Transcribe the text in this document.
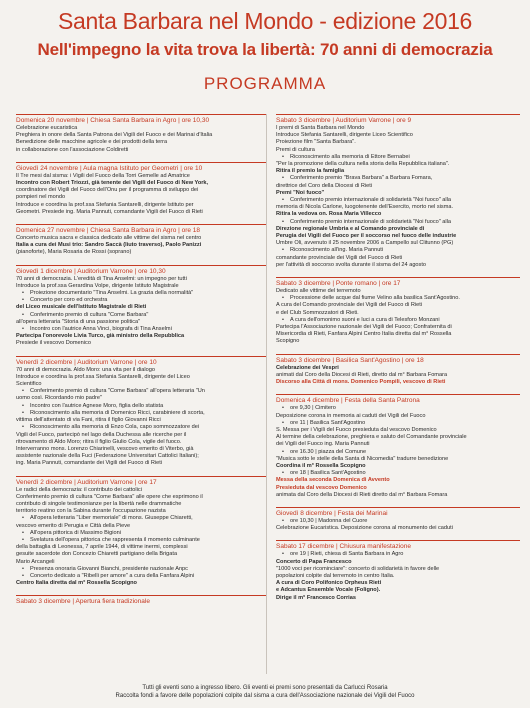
Santa Barbara nel Mondo - edizione 2016
Nell'impegno la vita trova la libertà: 70 anni di democrazia
PROGRAMMA
Domenica 20 novembre | Chiesa Santa Barbara in Agro | ore 10,30
Celebrazione eucaristica
Preghiera in onore della Santa Patrona dei Vigili del Fuoco e dei Marinai d'Italia
Benedizione delle macchine agricole e dei prodotti della terra
in collaborazione con l'associazione Coldiretti
Giovedì 24 novembre | Aula magna Istituto per Geometri | ore 10
Il Tre mesi dal sisma: i Vigili del Fuoco della Torri Gemelle ad Amatrice
Incontro con Robert Triozzi, già tenente dei Vigili del Fuoco di New York,
coordinatore dei Vigili del Fuoco dell'Onu per il programma di sviluppo dei
pompieri nel mondo
Introduce e coordina la prof.ssa Stefania Santarelli, dirigente Istituto per
Geometri. Presiede ing. Maria Pannuti, comandante Vigili del Fuoco di Rieti
Domenica 27 novembre | Chiesa Santa Barbara in Agro | ore 18
Concerto musica sacra e classica dedicato alle vittime del sisma nel centro
Italia a cura dei Musi trio: Sandro Saccà (liuto traverso), Paolo Panizzi
(pianoforte), Maria Rosaria de Rossi (soprano)
Giovedì 1 dicembre | Auditorium Varrone | ore 10,30
70 anni di democrazia. L'eredità di Tina Anselmi: un impegno per tutti
Introduce la prof.ssa Gerardina Volpe, dirigente Istituto Magistrale
• Proiezione documentario "Tina Anselmi. La grazia della normalità"
• Concerto per coro ed orchestra
del Liceo musicale dell'Istituto Magistrale di Rieti
• Conferimento premio di cultura "Come Barbara"
all'opera letteraria "Storia di una passione politica"
• Incontro con l'autrice Anna Vinci, biografa di Tina Anselmi
Partecipa l'onorevole Livia Turco, già ministro della Repubblica
Presiede il vescovo Domenico
Venerdì 2 dicembre | Auditorium Varrone | ore 10
70 anni di democrazia. Aldo Moro: una vita per il dialogo
Introduce e coordina la prof.ssa Stefania Santarelli, dirigente del Liceo
Scientifico
• Conferimento premio di cultura "Come Barbara" all'opera letteraria "Un
uomo così. Ricordando mio padre"
• Incontro con l'autrice Agnese Moro, figlia dello statista
• Riconoscimento alla memoria di Domenico Ricci, carabiniere di scorta,
vittima dell'attentato di via Fani, ritira il figlio Giovanni Ricci
• Riconoscimento alla memoria di Enzo Cola, capo sommozzatore dei
Vigili del Fuoco, partecipò nel lago della Duchessa alle ricerche per il
ritrovamento di Aldo Moro; ritira il figlio Giulio Cola, vigile del fuoco.
Interverranno mons. Lorenzo Chiarinelli, vescovo emerito di Viterbo, già
assistente nazionale della Fuci (Federazione Universitari Cattolici Italiani);
ing. Maria Pannuti, comandante dei Vigili del Fuoco di Rieti
Venerdì 2 dicembre | Auditorium Varrone | ore 17
Le radici della democrazia: il contributo dei cattolici
Conferimento premio di cultura "Come Barbara" alle opere che esprimono il
contributo di singole testimonianze per la libertà nelle drammatiche
territorio reatino con la Sabina durante l'occupazione nazista
• All'opera letteraria "Liber memoriale" di mons. Giuseppe Chiaretti,
vescovo emerito di Perugia e Città della Pieve
• All'opera pittorica di Massimo Bigioni
• Svelatura dell'opera pittorica che rappresenta il momento culminante
della battaglia di Leonessa, 7 aprile 1944, di vittime inermi, complessi
gesuite sacerdote don Concezio Chiaretti partigiano della Brigata
Mario Arcangeli
• Presenza onoraria Giovanni Bianchi, presidente nazionale Anpc
• Concerto dedicato a "Ribelli per amore" a cura della Fanfara Alpini
Centro Italia diretta dal m° Rossella Scopigno
Sabato 3 dicembre | Apertura fiera tradizionale
Sabato 3 dicembre | Auditorium Varrone | ore 9
I premi di Santa Barbara nel Mondo
Introduce Stefania Santarelli, dirigente Liceo Scientifico
Proiezione film "Santa Barbara".
Premi di cultura
• Riconoscimento alla memoria di Ettore Bernabei
"Per la promozione della cultura nella storia della Repubblica italiana".
Ritira il premio la famiglia
• Conferimento premio "Brava Barbara" a Barbara Fomara,
direttrice del Coro della Diocesi di Rieti
Premi "Noi fuoco"
• Conferimento premio internazionale di solidarietà "Noi fuoco" alla
memoria di Nicola Carlone, luogotenente dell'Esercito, morto nel sisma.
Ritira la vedova on. Rosa Maria Villecco
• Conferimento premio internazionale di solidarietà "Noi fuoco" alla
Direzione regionale Umbria e al Comando provinciale di
Perugia dei Vigili del Fuoco per il soccorso nel fuoco delle industrie
Umbre Oli, avvenuto il 25 novembre 2006 a Campello sul Clitunno (PG)
• Riconoscimento all'ing. Maria Pannuti
comandante provinciale dei Vigili del Fuoco di Rieti
per l'attività di soccorso svolta durante il sisma del 24 agosto
Sabato 3 dicembre | Ponte romano | ore 17
Dedicato alle vittime del terremoto
• Processione delle acque dal fiume Velino alla basilica Sant'Agostino.
A cura del Comando provinciale dei Vigili del Fuoco di Rieti
e del Club Sommozzatori di Rieti.
• A cura dell'omonimo suoni e luci a cura di Telesforo Monzani
Partecipa l'Associazione nazionale dei Vigili del Fuoco; Confraternita di
Misericordia di Rieti, Fanfara Alpini Centro Italia diretta dal m° Rossella
Scopigno
Sabato 3 dicembre | Basilica Sant'Agostino | ore 18
Celebrazione dei Vespri
animati dal Coro della Diocesi di Rieti, diretto dal m° Barbara Fomara
Discorso alla Città di mons. Domenico Pompili, vescovo di Rieti
Domenica 4 dicembre | Festa della Santa Patrona
• ore 9,30 | Cimitero
Deposizione corona in memoria ai caduti dei Vigili del Fuoco
• ore 11 | Basilica Sant'Agostino
S. Messa per i Vigili del Fuoco presieduta dal vescovo Domenico
Al termine della celebrazione, preghiera e saluto del Comandante provinciale
dei Vigili del Fuoco ing. Maria Pannuti
• ore 16.30 | piazza del Comune
"Musica sotto le stelle della Santa di Nicomedia" tradurre benedizione
Coordina il m° Rossella Scopigno
• ore 18 | Basilica Sant'Agostino
Messa della seconda Domenica di Avvento
Presieduta dal vescovo Domenico
animata dal Coro della Diocesi di Rieti diretto dal m° Barbara Fomara
Giovedì 8 dicembre | Festa dei Marinai
• ore 10,30 | Madonna del Cuore
Celebrazione Eucaristica. Deposizione corona al monumento dei caduti
Sabato 17 dicembre | Chiusura manifestazione
• ore 19 | Rieti, chiesa di Santa Barbara in Agro
Concerto di Papa Francesco
"1000 voci per ricominciare": concerto di solidarietà in favore delle
popolazioni colpite dal terremoto in centro Italia.
A cura di Coro Polifonico Orpheus Rieti
e Adcantus Ensemble Vocale (Foligno).
Dirige il m° Francesco Corrias
Tutti gli eventi sono a ingresso libero. Gli eventi ei premi sono presentati da Carlucci Rosaria
Raccolta fondi a favore delle popolazioni colpite dal sisma a cura dell'Associazione nazionale dei Vigili del Fuoco
